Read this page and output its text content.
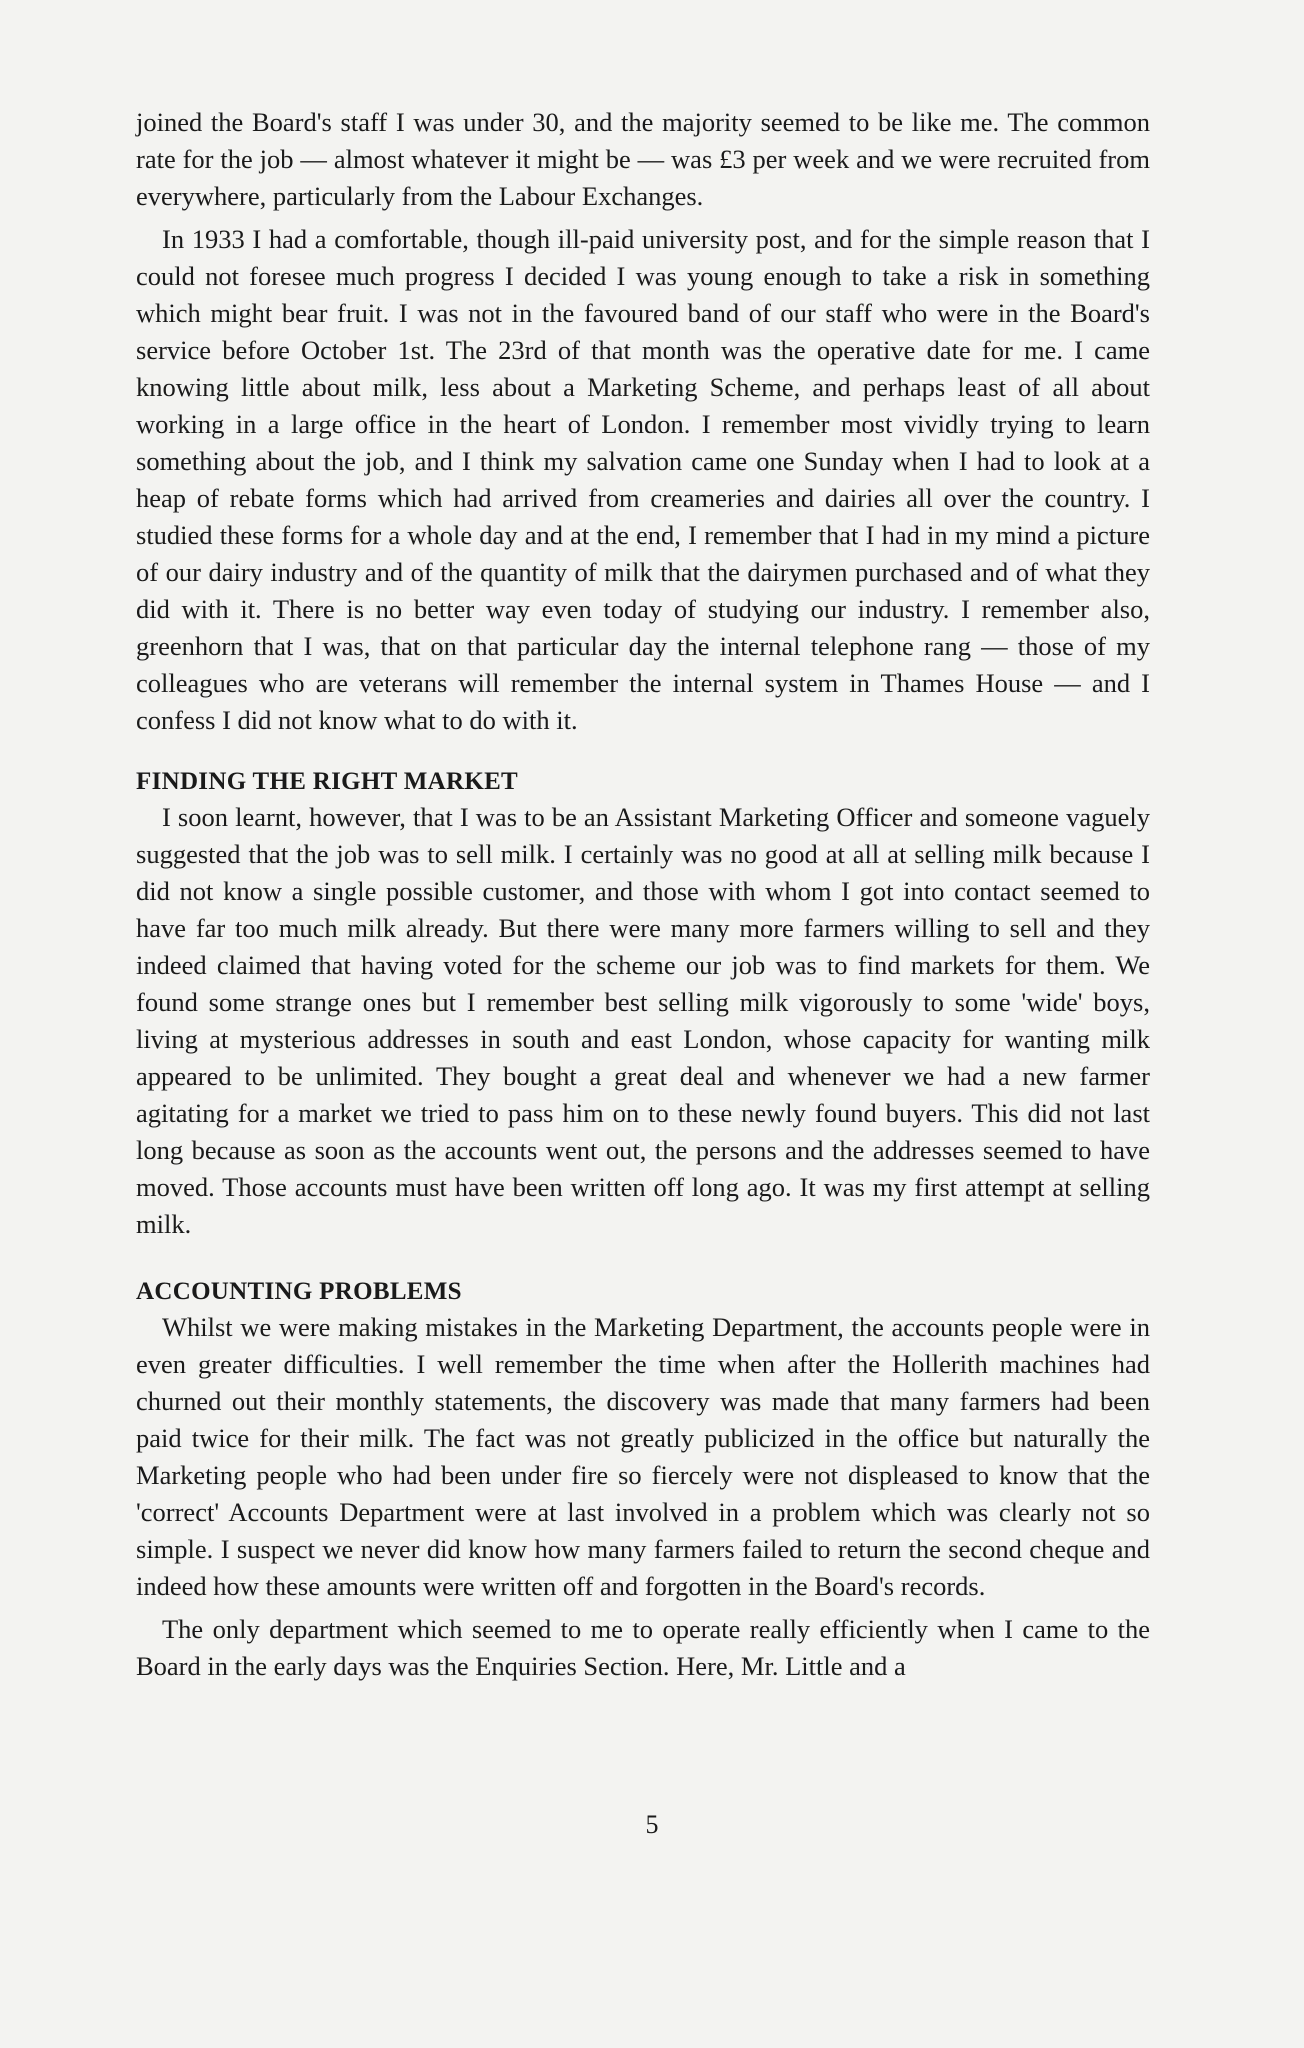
joined the Board's staff I was under 30, and the majority seemed to be like me. The common rate for the job — almost whatever it might be — was £3 per week and we were recruited from everywhere, particularly from the Labour Exchanges.

In 1933 I had a comfortable, though ill-paid university post, and for the simple reason that I could not foresee much progress I decided I was young enough to take a risk in something which might bear fruit. I was not in the favoured band of our staff who were in the Board's service before October 1st. The 23rd of that month was the operative date for me. I came knowing little about milk, less about a Marketing Scheme, and perhaps least of all about working in a large office in the heart of London. I remember most vividly trying to learn something about the job, and I think my salvation came one Sunday when I had to look at a heap of rebate forms which had arrived from creameries and dairies all over the country. I studied these forms for a whole day and at the end, I remember that I had in my mind a picture of our dairy industry and of the quantity of milk that the dairymen purchased and of what they did with it. There is no better way even today of studying our industry. I remember also, greenhorn that I was, that on that particular day the internal telephone rang — those of my colleagues who are veterans will remember the internal system in Thames House — and I confess I did not know what to do with it.

FINDING THE RIGHT MARKET

I soon learnt, however, that I was to be an Assistant Marketing Officer and someone vaguely suggested that the job was to sell milk. I certainly was no good at all at selling milk because I did not know a single possible customer, and those with whom I got into contact seemed to have far too much milk already. But there were many more farmers willing to sell and they indeed claimed that having voted for the scheme our job was to find markets for them. We found some strange ones but I remember best selling milk vigorously to some 'wide' boys, living at mysterious addresses in south and east London, whose capacity for wanting milk appeared to be unlimited. They bought a great deal and whenever we had a new farmer agitating for a market we tried to pass him on to these newly found buyers. This did not last long because as soon as the accounts went out, the persons and the addresses seemed to have moved. Those accounts must have been written off long ago. It was my first attempt at selling milk.

ACCOUNTING PROBLEMS

Whilst we were making mistakes in the Marketing Department, the accounts people were in even greater difficulties. I well remember the time when after the Hollerith machines had churned out their monthly statements, the discovery was made that many farmers had been paid twice for their milk. The fact was not greatly publicized in the office but naturally the Marketing people who had been under fire so fiercely were not displeased to know that the 'correct' Accounts Department were at last involved in a problem which was clearly not so simple. I suspect we never did know how many farmers failed to return the second cheque and indeed how these amounts were written off and forgotten in the Board's records.

The only department which seemed to me to operate really efficiently when I came to the Board in the early days was the Enquiries Section. Here, Mr. Little and a

5
